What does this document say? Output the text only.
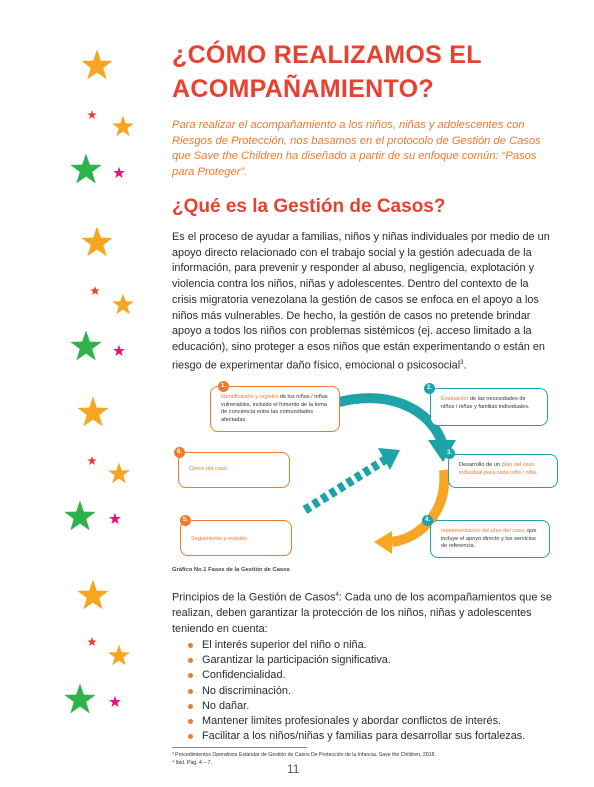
¿CÓMO REALIZAMOS EL ACOMPAÑAMIENTO?

Para realizar el acompañamiento a los niños, niñas y adolescentes con Riesgos de Protección, nos basamos en el protocolo de Gestión de Casos que Save the Children ha diseñado a partir de su enfoque común: “Pasos para Proteger”.

¿Qué es la Gestión de Casos?

Es el proceso de ayudar a familias, niños y niñas individuales por medio de un apoyo directo relacionado con el trabajo social y la gestión adecuada de la información, para prevenir y responder al abuso, negligencia, explotación y violencia contra los niños, niñas y adolescentes. Dentro del contexto de la crisis migratoria venezolana la gestión de casos se enfoca en el apoyo a los niños más vulnerables. De hecho, la gestión de casos no pretende brindar apoyo a todos los niños con problemas sistémicos (ej. acceso limitado a la educación), sino proteger a esos niños que están experimentando o están en riesgo de experimentar daño físico, emocional o psicosocial$^3$.

Identificación y registro de los niños / niñas vulnerables, incluido el fomento de la toma de conciencia entre las comunidades afectadas.
1.
Evaluación de las necesidades de niños / niñas y familias individuales.
2.
Desarrollo de un plan del caso individual para cada niño / niña.
3.
Implementación del plan del caso, que incluye el apoyo directo y los servicios de referencia.
4.
Seguimiento y revisión.
5.
Cierre del caso.
6.

Gráfico No.1 Fases de la Gestión de Casos

Principios de la Gestión de Casos$^4$: Cada uno de los acompañamientos que se realizan, deben garantizar la protección de los niños, niñas y adolescentes teniendo en cuenta:

El interés superior del niño o niña.
Garantizar la participación significativa.
Confidencialidad.
No discriminación.
No dañar.
Mantener limites profesionales y abordar conflictos de interés.
Facilitar a los niños/niñas y familias para desarrollar sus fortalezas.

³ Procedimientos Operativos Estándar de Gestión de Casos De Protección de la Infancia, Save the Children, 2018.

⁴ Ibid. Pág. 4 – 7.	11
